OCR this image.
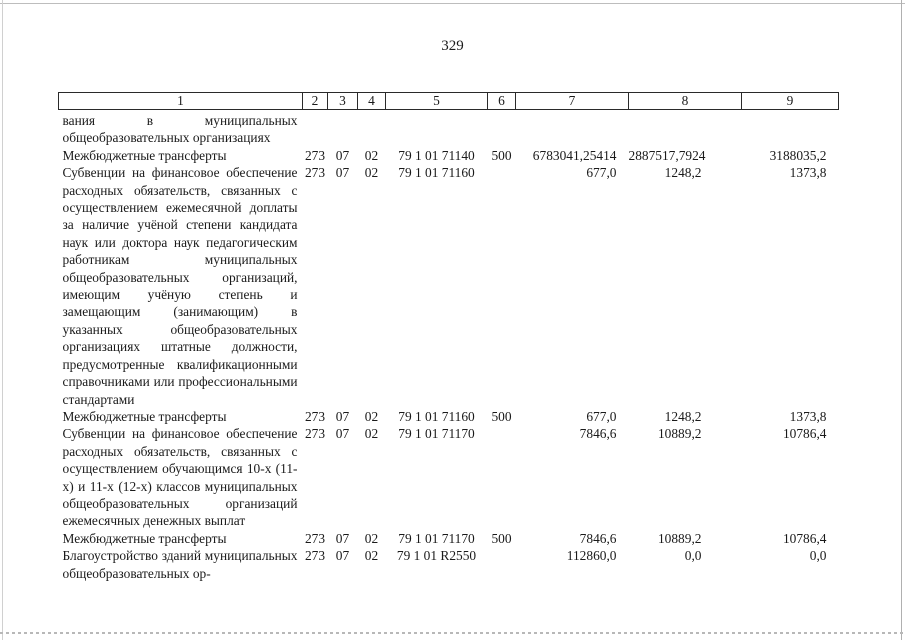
329
1	2	3	4	5	6	7	8	9
вания в муниципальных общеобразовательных организациях								
Межбюджетные трансферты	273	07	02	79 1 01 71140	500	6783041,25414	2887517,7924	3188035,2
Субвенции на финансовое обеспечение расходных обязательств, связанных с осуществлением ежемесячной доплаты за наличие учёной степени кандидата наук или доктора наук педагогическим работникам муниципальных общеобразовательных организаций, имеющим учёную степень и замещающим (занимающим) в указанных общеобразовательных организациях штатные должности, предусмотренные квалификационными справочниками или профессиональными стандартами	273	07	02	79 1 01 71160		677,0	1248,2	1373,8
Межбюджетные трансферты	273	07	02	79 1 01 71160	500	677,0	1248,2	1373,8
Субвенции на финансовое обеспечение расходных обязательств, связанных с осуществлением обучающимся 10-х (11-х) и 11-х (12-х) классов муниципальных общеобразовательных организаций ежемесячных денежных выплат	273	07	02	79 1 01 71170		7846,6	10889,2	10786,4
Межбюджетные трансферты	273	07	02	79 1 01 71170	500	7846,6	10889,2	10786,4
Благоустройство зданий муниципальных общеобразовательных ор-	273	07	02	79 1 01 R2550		112860,0	0,0	0,0
